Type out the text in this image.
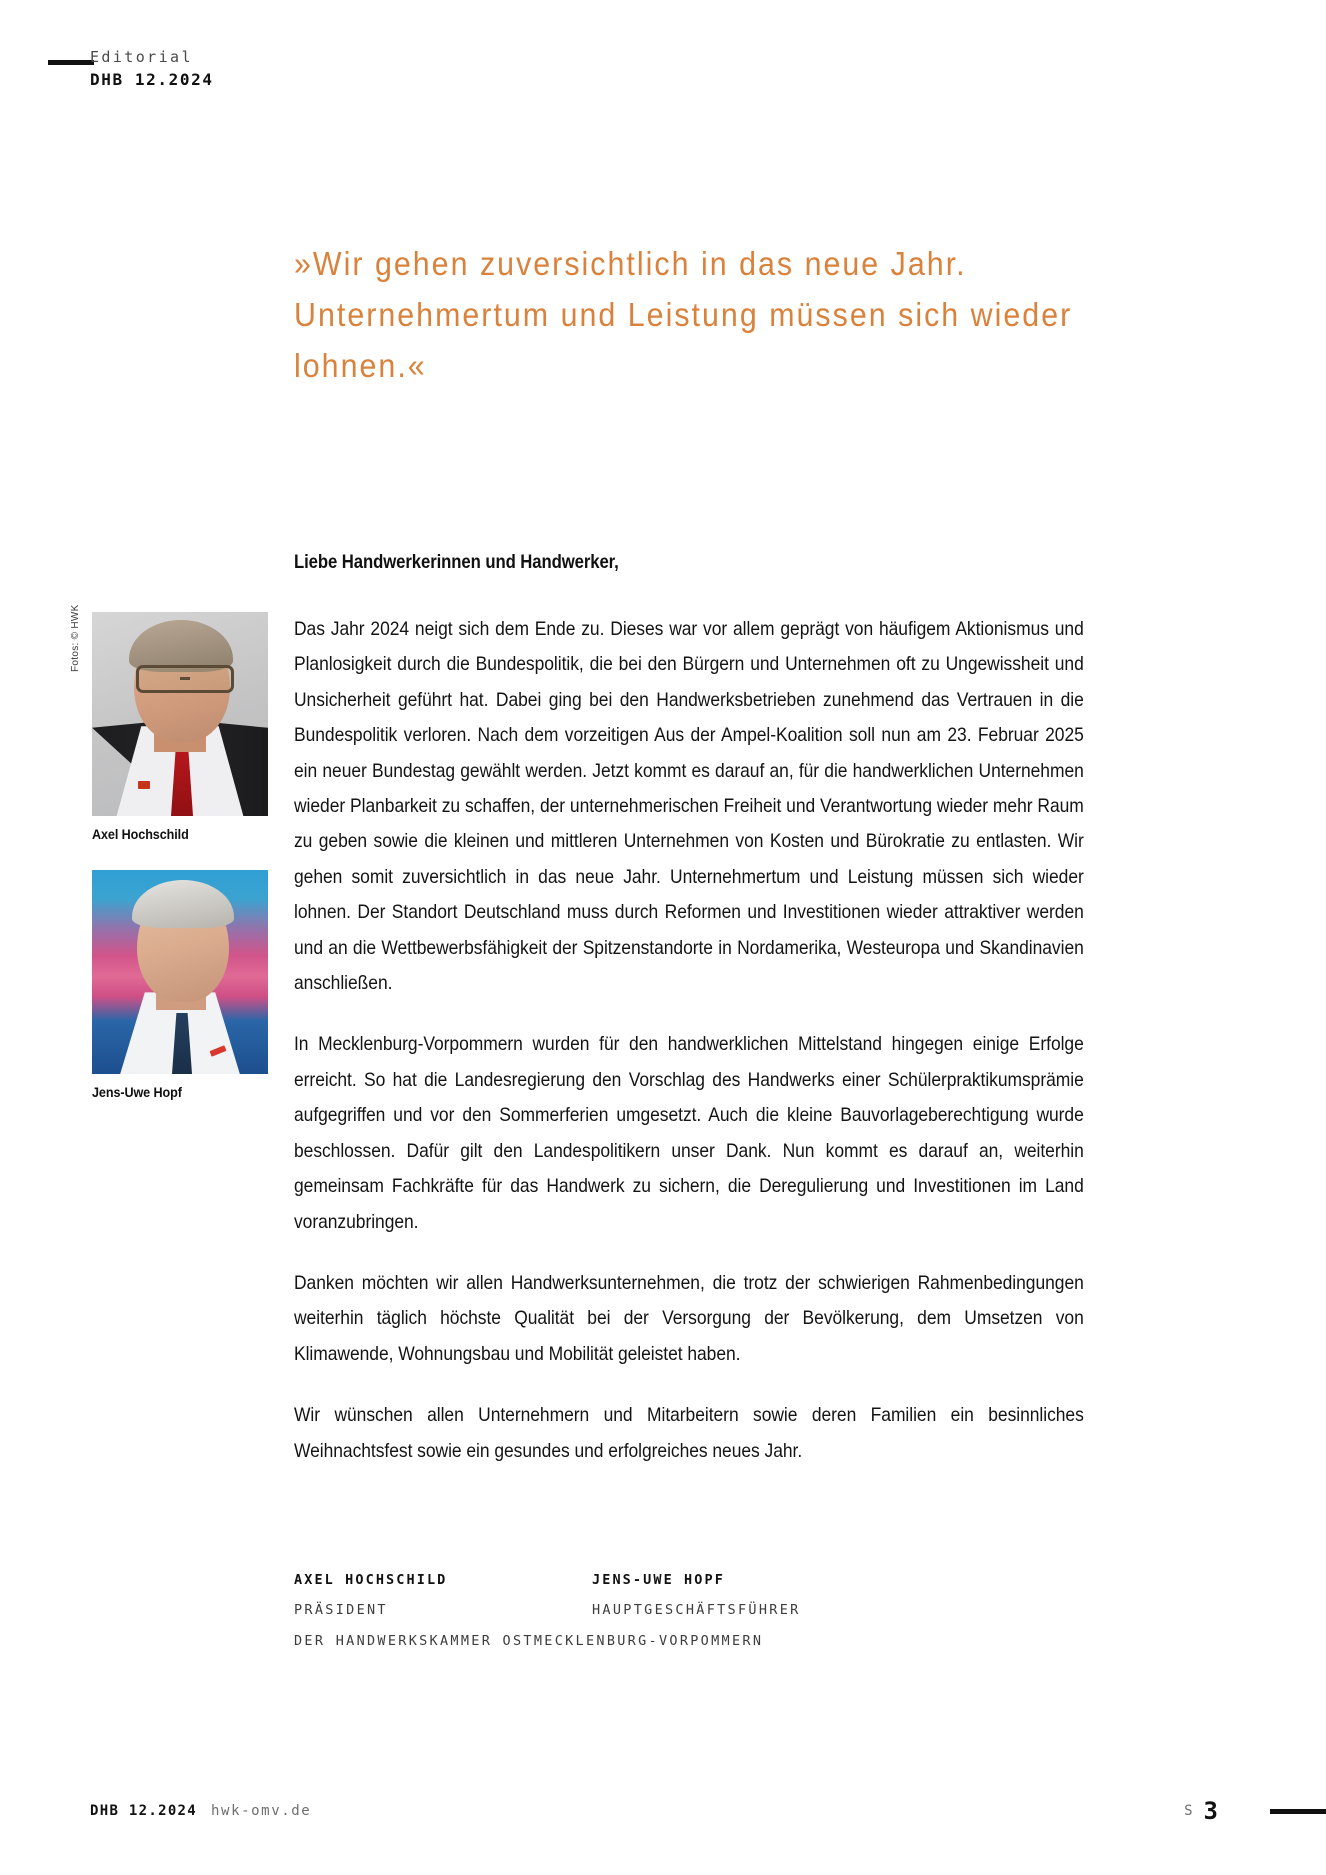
Editorial
DHB 12.2024
»Wir gehen zuversichtlich in das neue Jahr. Unternehmertum und Leistung müssen sich wieder lohnen.«
Liebe Handwerkerinnen und Handwerker,
Fotos: © HWK
Axel Hochschild
Jens-Uwe Hopf

Das Jahr 2024 neigt sich dem Ende zu. Dieses war vor allem geprägt von häufigem Aktionismus und Planlosigkeit durch die Bundespolitik, die bei den Bürgern und Unternehmen oft zu Ungewissheit und Unsicherheit geführt hat. Dabei ging bei den Handwerksbetrieben zunehmend das Vertrauen in die Bundespolitik verloren. Nach dem vorzeitigen Aus der Ampel-Koalition soll nun am 23. Februar 2025 ein neuer Bundestag gewählt werden. Jetzt kommt es darauf an, für die handwerklichen Unternehmen wieder Planbarkeit zu schaffen, der unternehmerischen Freiheit und Verantwortung wieder mehr Raum zu geben sowie die kleinen und mittleren Unternehmen von Kosten und Bürokratie zu entlasten. Wir gehen somit zuversichtlich in das neue Jahr. Unternehmertum und Leistung müssen sich wieder lohnen. Der Standort Deutschland muss durch Reformen und Investitionen wieder attraktiver werden und an die Wettbewerbsfähigkeit der Spitzenstandorte in Nordamerika, Westeuropa und Skandinavien anschließen.

In Mecklenburg-Vorpommern wurden für den handwerklichen Mittelstand hingegen einige Erfolge erreicht. So hat die Landesregierung den Vorschlag des Handwerks einer Schülerpraktikumsprämie aufgegriffen und vor den Sommerferien umgesetzt. Auch die kleine Bauvorlageberechtigung wurde beschlossen. Dafür gilt den Landespolitikern unser Dank. Nun kommt es darauf an, weiterhin gemeinsam Fachkräfte für das Handwerk zu sichern, die Deregulierung und Investitionen im Land voranzubringen.

Danken möchten wir allen Handwerksunternehmen, die trotz der schwierigen Rahmenbedingungen weiterhin täglich höchste Qualität bei der Versorgung der Bevölkerung, dem Umsetzen von Klimawende, Wohnungsbau und Mobilität geleistet haben.

Wir wünschen allen Unternehmern und Mitarbeitern sowie deren Familien ein besinnliches Weihnachtsfest sowie ein gesundes und erfolgreiches neues Jahr.

AXEL HOCHSCHILD	JENS-UWE HOPF
PRÄSIDENT	HAUPTGESCHÄFTSFÜHRER
DER HANDWERKSKAMMER OSTMECKLENBURG-VORPOMMERN
DHB 12.2024 hwk-omv.de	S 3
